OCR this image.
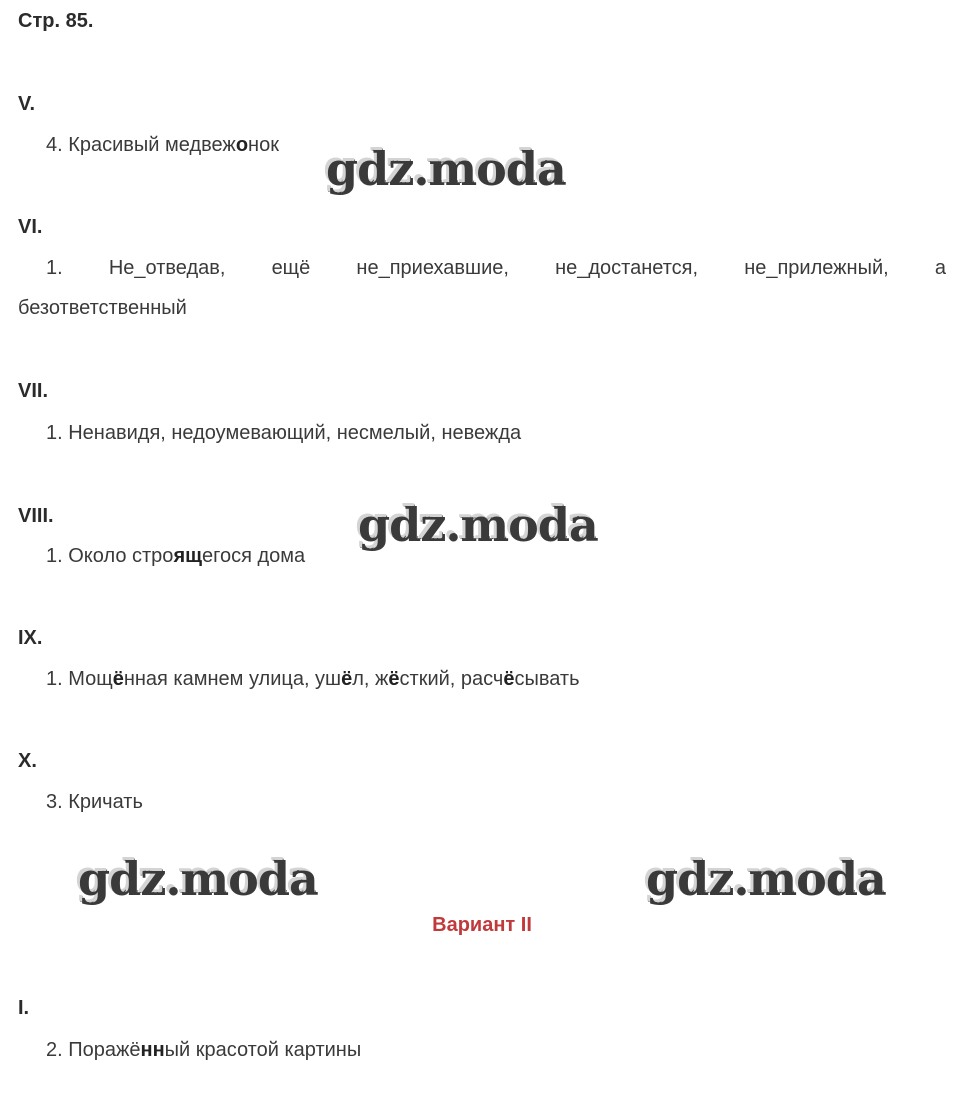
Стр. 85.
V.
4. Красивый медвежонок
VI.
1. Не_отведав, ещё не_приехавшие, не_достанется, не_прилежный, а
безответственный
VII.
1. Ненавидя, недоумевающий, несмелый, невежда
VIII.
1. Около строящегося дома
IX.
1. Мощённая камнем улица, ушёл, жёсткий, расчёсывать
X.
3. Кричать
Вариант II
I.
2. Поражённый красотой картины
gdz.moda
gdz.moda
gdz.moda	gdz.moda
